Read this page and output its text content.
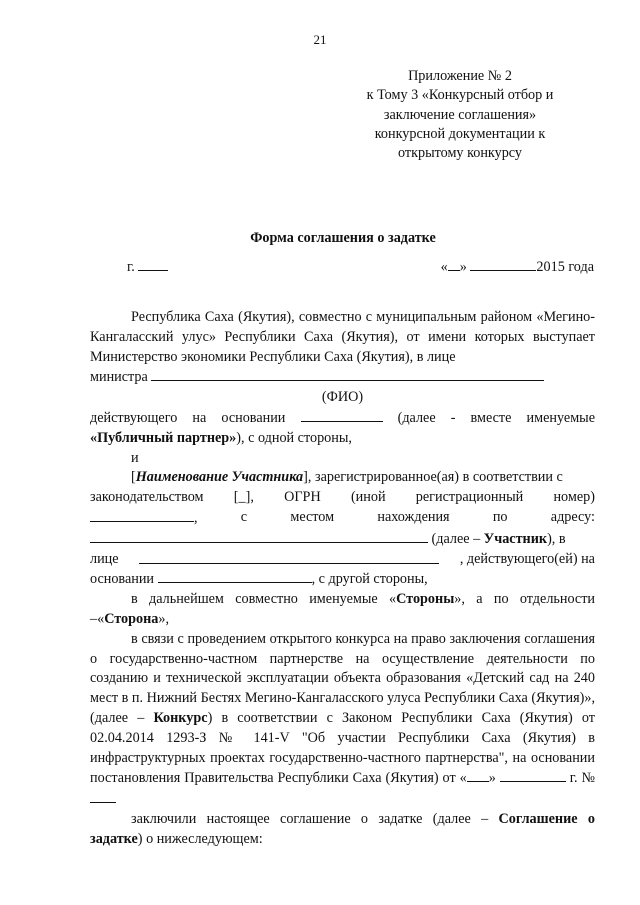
21
Приложение № 2
к Тому 3 «Конкурсный отбор и
заключение соглашения»
конкурсной документации к
открытому конкурсу
Форма соглашения о задатке
г.	« »	2015 года

Республика Саха (Якутия), совместно с муниципальным районом «Мегино-Кангаласский улус» Республики Саха (Якутия), от имени которых выступает Министерство экономики Республики Саха (Якутия), в лице

министра

(ФИО)

действующего на основании	(далее - вместе именуемые «Публичный партнер»), с одной стороны,

и

[Наименование Участника], зарегистрированное(ая) в соответствии с

законодательством [_], ОГРН (иной регистрационный номер)
,	с	местом	нахождения	по	адресу:

(далее – Участник), в

лице	, действующего(ей) на

основании	, с другой стороны,

в дальнейшем совместно именуемые «Стороны», а по отдельности –«Сторона»,

в связи с проведением открытого конкурса на право заключения соглашения о государственно-частном партнерстве на осуществление деятельности по созданию и технической эксплуатации объекта образования «Детский сад на 240 мест в п. Нижний Бестях Мегино-Кангаласского улуса Республики Саха (Якутия)», (далее – Конкурс) в соответствии с Законом Республики Саха (Якутия) от 02.04.2014 1293-З № 141-V "Об участии Республики Саха (Якутия) в инфраструктурных проектах государственно-частного партнерства", на основании постановления Правительства Республики Саха (Якутия) от « »	г. №

заключили настоящее соглашение о задатке (далее – Соглашение о задатке) о нижеследующем:
